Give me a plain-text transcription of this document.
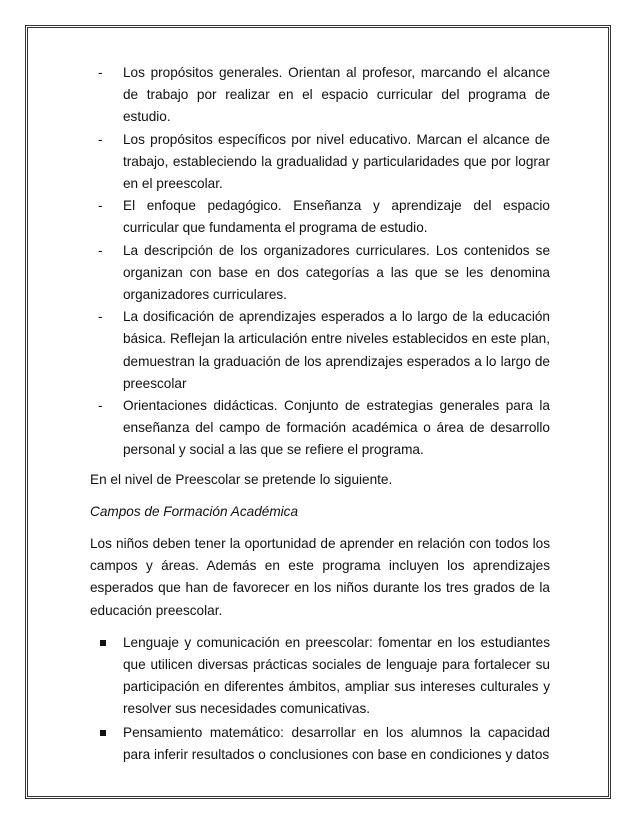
- Los propósitos generales. Orientan al profesor, marcando el alcance de trabajo por realizar en el espacio curricular del programa de estudio.

- Los propósitos específicos por nivel educativo. Marcan el alcance de trabajo, estableciendo la gradualidad y particularidades que por lograr en el preescolar.

- El enfoque pedagógico. Enseñanza y aprendizaje del espacio curricular que fundamenta el programa de estudio.

- La descripción de los organizadores curriculares. Los contenidos se organizan con base en dos categorías a las que se les denomina organizadores curriculares.

- La dosificación de aprendizajes esperados a lo largo de la educación básica. Reflejan la articulación entre niveles establecidos en este plan, demuestran la graduación de los aprendizajes esperados a lo largo de preescolar

- Orientaciones didácticas. Conjunto de estrategias generales para la enseñanza del campo de formación académica o área de desarrollo personal y social a las que se refiere el programa.

En el nivel de Preescolar se pretende lo siguiente.

Campos de Formación Académica

Los niños deben tener la oportunidad de aprender en relación con todos los campos y áreas. Además en este programa incluyen los aprendizajes esperados que han de favorecer en los niños durante los tres grados de la educación preescolar.

Lenguaje y comunicación en preescolar: fomentar en los estudiantes que utilicen diversas prácticas sociales de lenguaje para fortalecer su participación en diferentes ámbitos, ampliar sus intereses culturales y resolver sus necesidades comunicativas.

Pensamiento matemático: desarrollar en los alumnos la capacidad para inferir resultados o conclusiones con base en condiciones y datos
